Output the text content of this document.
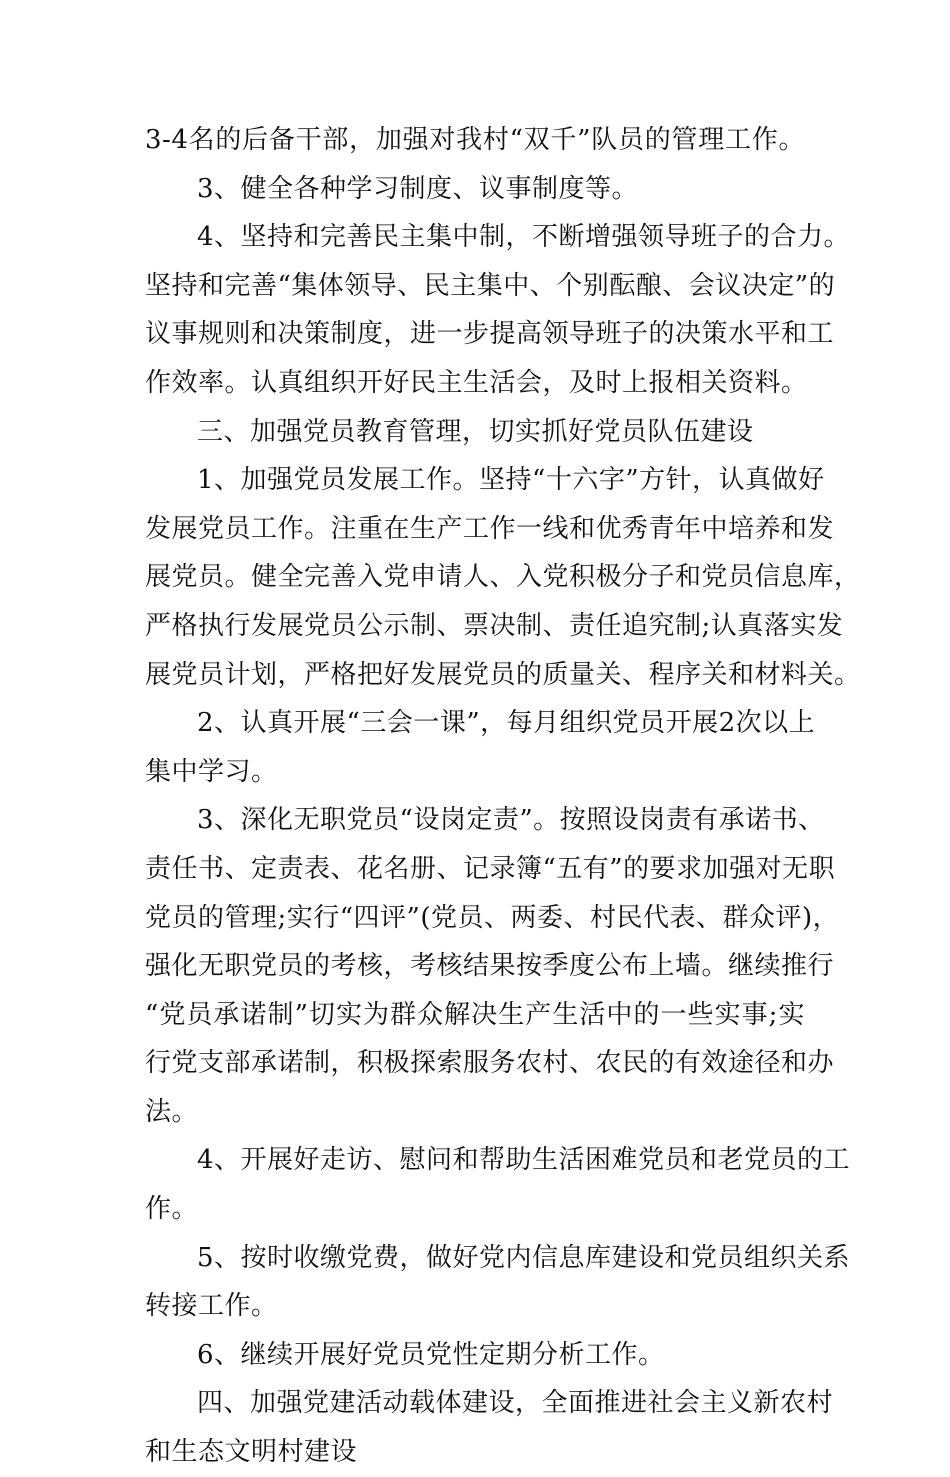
3-4名的后备干部，加强对我村“双千”队员的管理工作。
3、健全各种学习制度、议事制度等。
4、坚持和完善民主集中制，不断增强领导班子的合力。
坚持和完善“集体领导、民主集中、个别酝酿、会议决定”的
议事规则和决策制度，进一步提高领导班子的决策水平和工
作效率。认真组织开好民主生活会，及时上报相关资料。
三、加强党员教育管理，切实抓好党员队伍建设
1、加强党员发展工作。坚持“十六字”方针，认真做好
发展党员工作。注重在生产工作一线和优秀青年中培养和发
展党员。健全完善入党申请人、入党积极分子和党员信息库，
严格执行发展党员公示制、票决制、责任追究制;认真落实发
展党员计划，严格把好发展党员的质量关、程序关和材料关。
2、认真开展“三会一课”，每月组织党员开展2次以上
集中学习。
3、深化无职党员“设岗定责”。按照设岗责有承诺书、
责任书、定责表、花名册、记录簿“五有”的要求加强对无职
党员的管理;实行“四评”(党员、两委、村民代表、群众评)，
强化无职党员的考核，考核结果按季度公布上墙。继续推行
“党员承诺制”切实为群众解决生产生活中的一些实事;实
行党支部承诺制，积极探索服务农村、农民的有效途径和办
法。
4、开展好走访、慰问和帮助生活困难党员和老党员的工
作。
5、按时收缴党费，做好党内信息库建设和党员组织关系
转接工作。
6、继续开展好党员党性定期分析工作。
四、加强党建活动载体建设，全面推进社会主义新农村
和生态文明村建设
